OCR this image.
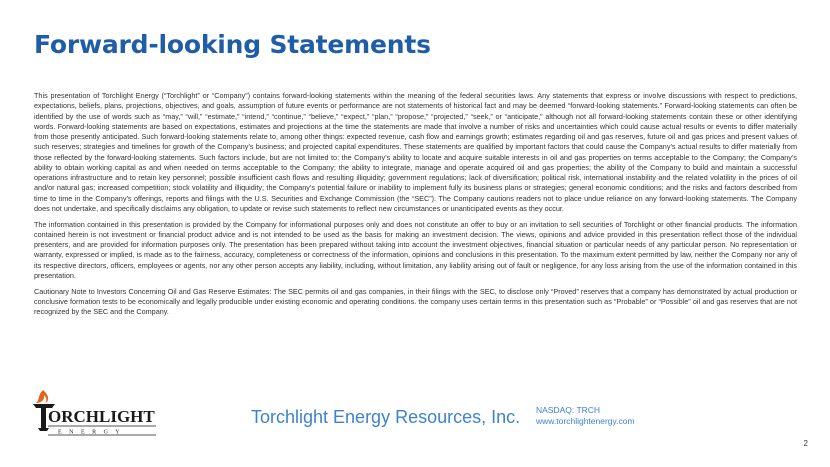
Forward-looking Statements

This presentation of Torchlight Energy (“Torchlight” or “Company”) contains forward-looking statements within the meaning of the federal securities laws. Any statements that express or involve discussions with respect to predictions, expectations, beliefs, plans, projections, objectives, and goals, assumption of future events or performance are not statements of historical fact and may be deemed “forward-looking statements.” Forward-looking statements can often be identified by the use of words such as “may,” “will,” “estimate,” “intend,” “continue,” “believe,” “expect,” “plan,” “propose,” “projected,” “seek,” or “anticipate,” although not all forward-looking statements contain these or other identifying words. Forward-looking statements are based on expectations, estimates and projections at the time the statements are made that involve a number of risks and uncertainties which could cause actual results or events to differ materially from those presently anticipated. Such forward-looking statements relate to, among other things: expected revenue, cash flow and earnings growth; estimates regarding oil and gas reserves, future oil and gas prices and present values of such reserves; strategies and timelines for growth of the Company’s business; and projected capital expenditures. These statements are qualified by important factors that could cause the Company’s actual results to differ materially from those reflected by the forward-looking statements. Such factors include, but are not limited to: the Company’s ability to locate and acquire suitable interests in oil and gas properties on terms acceptable to the Company; the Company’s ability to obtain working capital as and when needed on terms acceptable to the Company; the ability to integrate, manage and operate acquired oil and gas properties; the ability of the Company to build and maintain a successful operations infrastructure and to retain key personnel; possible insufficient cash flows and resulting illiquidity; government regulations; lack of diversification; political risk, international instability and the related volatility in the prices of oil and/or natural gas; increased competition; stock volatility and illiquidity; the Company’s potential failure or inability to implement fully its business plans or strategies; general economic conditions; and the risks and factors described from time to time in the Company’s offerings, reports and filings with the U.S. Securities and Exchange Commission (the “SEC”). The Company cautions readers not to place undue reliance on any forward-looking statements. The Company does not undertake, and specifically disclaims any obligation, to update or revise such statements to reflect new circumstances or unanticipated events as they occur.

The information contained in this presentation is provided by the Company for informational purposes only and does not constitute an offer to buy or an invitation to sell securities of Torchlight or other financial products. The information contained herein is not investment or financial product advice and is not intended to be used as the basis for making an investment decision. The views, opinions and advice provided in this presentation reflect those of the individual presenters, and are provided for information purposes only. The presentation has been prepared without taking into account the investment objectives, financial situation or particular needs of any particular person. No representation or warranty, expressed or implied, is made as to the fairness, accuracy, completeness or correctness of the information, opinions and conclusions in this presentation. To the maximum extent permitted by law, neither the Company nor any of its respective directors, officers, employees or agents, nor any other person accepts any liability, including, without limitation, any liability arising out of fault or negligence, for any loss arising from the use of the information contained in this presentation.

Cautionary Note to Investors Concerning Oil and Gas Reserve Estimates: The SEC permits oil and gas companies, in their filings with the SEC, to disclose only “Proved” reserves that a company has demonstrated by actual production or conclusive formation tests to be economically and legally producible under existing economic and operating conditions. the company uses certain terms in this presentation such as “Probable” or “Possible” oil and gas reserves that are not recognized by the SEC and the Company.

ORCHLIGHT
E N E R G Y
Torchlight Energy Resources, Inc. NASDAQ: TRCH
www.torchlightenergy.com
2
